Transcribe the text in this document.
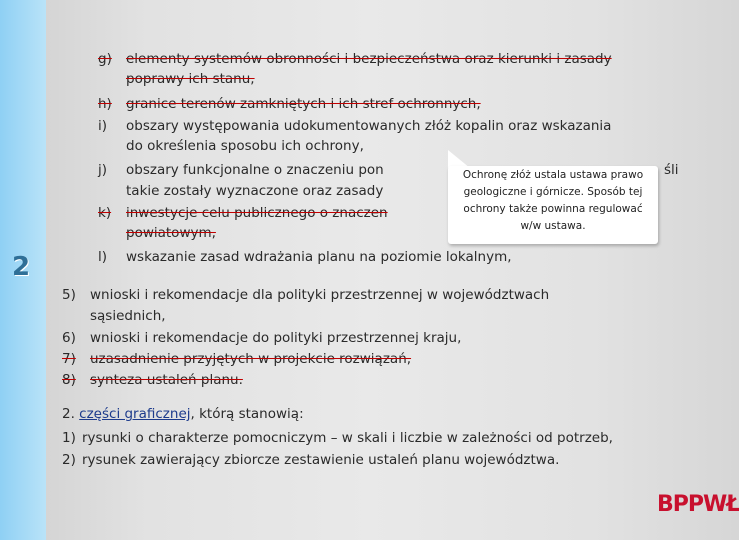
2
g) elementy systemów obronności i bezpieczeństwa oraz kierunki i zasady
poprawy ich stanu,
h) granice terenów zamkniętych i ich stref ochronnych,
i) obszary występowania udokumentowanych złóż kopalin oraz wskazania
do określenia sposobu ich ochrony,
j) obszary funkcjonalne o znaczeniu pon
takie zostały wyznaczone oraz zasady
śli
k) inwestycje celu publicznego o znaczen
powiatowym,
l) wskazanie zasad wdrażania planu na poziomie lokalnym,
5) wnioski i rekomendacje dla polityki przestrzennej w województwach
sąsiednich,
6) wnioski i rekomendacje do polityki przestrzennej kraju,
7) uzasadnienie przyjętych w projekcie rozwiązań,
8) synteza ustaleń planu.
Ochronę złóż ustala ustawa prawo
geologiczne i górnicze. Sposób tej
ochrony także powinna regulować
w/w ustawa.
2. części graficznej, którą stanowią:
1) rysunki o charakterze pomocniczym – w skali i liczbie w zależności od potrzeb,
2) rysunek zawierający zbiorcze zestawienie ustaleń planu województwa.
BPPWŁ
